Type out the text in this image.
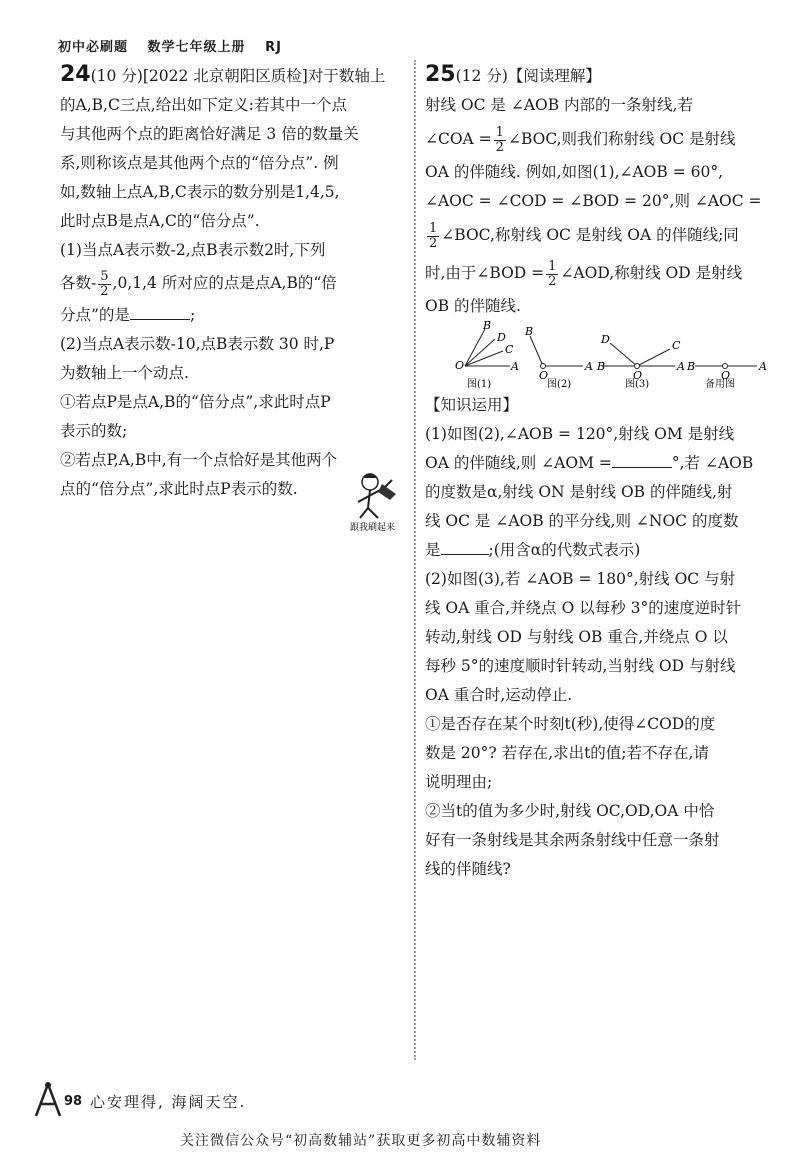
初中必刷题 数学七年级上册 RJ

24(10 分)[2022 北京朝阳区质检]对于数轴上

的A,B,C三点,给出如下定义:若其中一个点

与其他两个点的距离恰好满足 3 倍的数量关

系,则称该点是其他两个点的“倍分点”. 例

如,数轴上点A,B,C表示的数分别是1,4,5,

此时点B是点A,C的“倍分点”.

(1)当点A表示数-2,点B表示数2时,下列

各数- $\frac{5}{2} ,0,1,4$ 所对应的点是点A,B的“倍

分点”的是	;

(2)当点A表示数-10,点B表示数 30 时,P

为数轴上一个动点.

①若点P是点A,B的“倍分点”,求此时点P

表示的数;

②若点P,A,B中,有一个点恰好是其他两个

点的“倍分点”,求此时点P表示的数.

跟我刷起来

25(12 分)【阅读理解】

射线 OC 是 ∠AOB 内部的一条射线,若

∠COA = $\frac{1}{2}$ ∠BOC,则我们称射线 OC 是射线

OA 的伴随线. 例如,如图(1),∠AOB = 60°,

∠AOC = ∠COD = ∠BOD = 20°,则 ∠AOC =

$\frac{1}{2}$ ∠BOC,称射线 OC 是射线 OA 的伴随线;同

时,由于∠BOD = $\frac{1}{2}$ ∠AOD,称射线 OD 是射线

OB 的伴随线.

O	A
C
D
B
图(1)
O
A
B
图(2)
B
O
A
D	C
图(3)
B
O
A
备用图

【知识运用】

(1)如图(2),∠AOB = 120°,射线 OM 是射线

OA 的伴随线,则 ∠AOM =	°,若 ∠AOB

的度数是α,射线 ON 是射线 OB 的伴随线,射

线 OC 是 ∠AOB 的平分线,则 ∠NOC 的度数

是	;(用含α的代数式表示)

(2)如图(3),若 ∠AOB = 180°,射线 OC 与射

线 OA 重合,并绕点 O 以每秒 3°的速度逆时针

转动,射线 OD 与射线 OB 重合,并绕点 O 以

每秒 5°的速度顺时针转动,当射线 OD 与射线

OA 重合时,运动停止.

①是否存在某个时刻t(秒),使得∠COD的度

数是 20°? 若存在,求出t的值;若不存在,请

说明理由;

②当t的值为多少时,射线 OC,OD,OA 中恰

好有一条射线是其余两条射线中任意一条射

线的伴随线?

98 心安理得, 海阔天空.
关注微信公众号“初高数辅站”获取更多初高中数辅资料
